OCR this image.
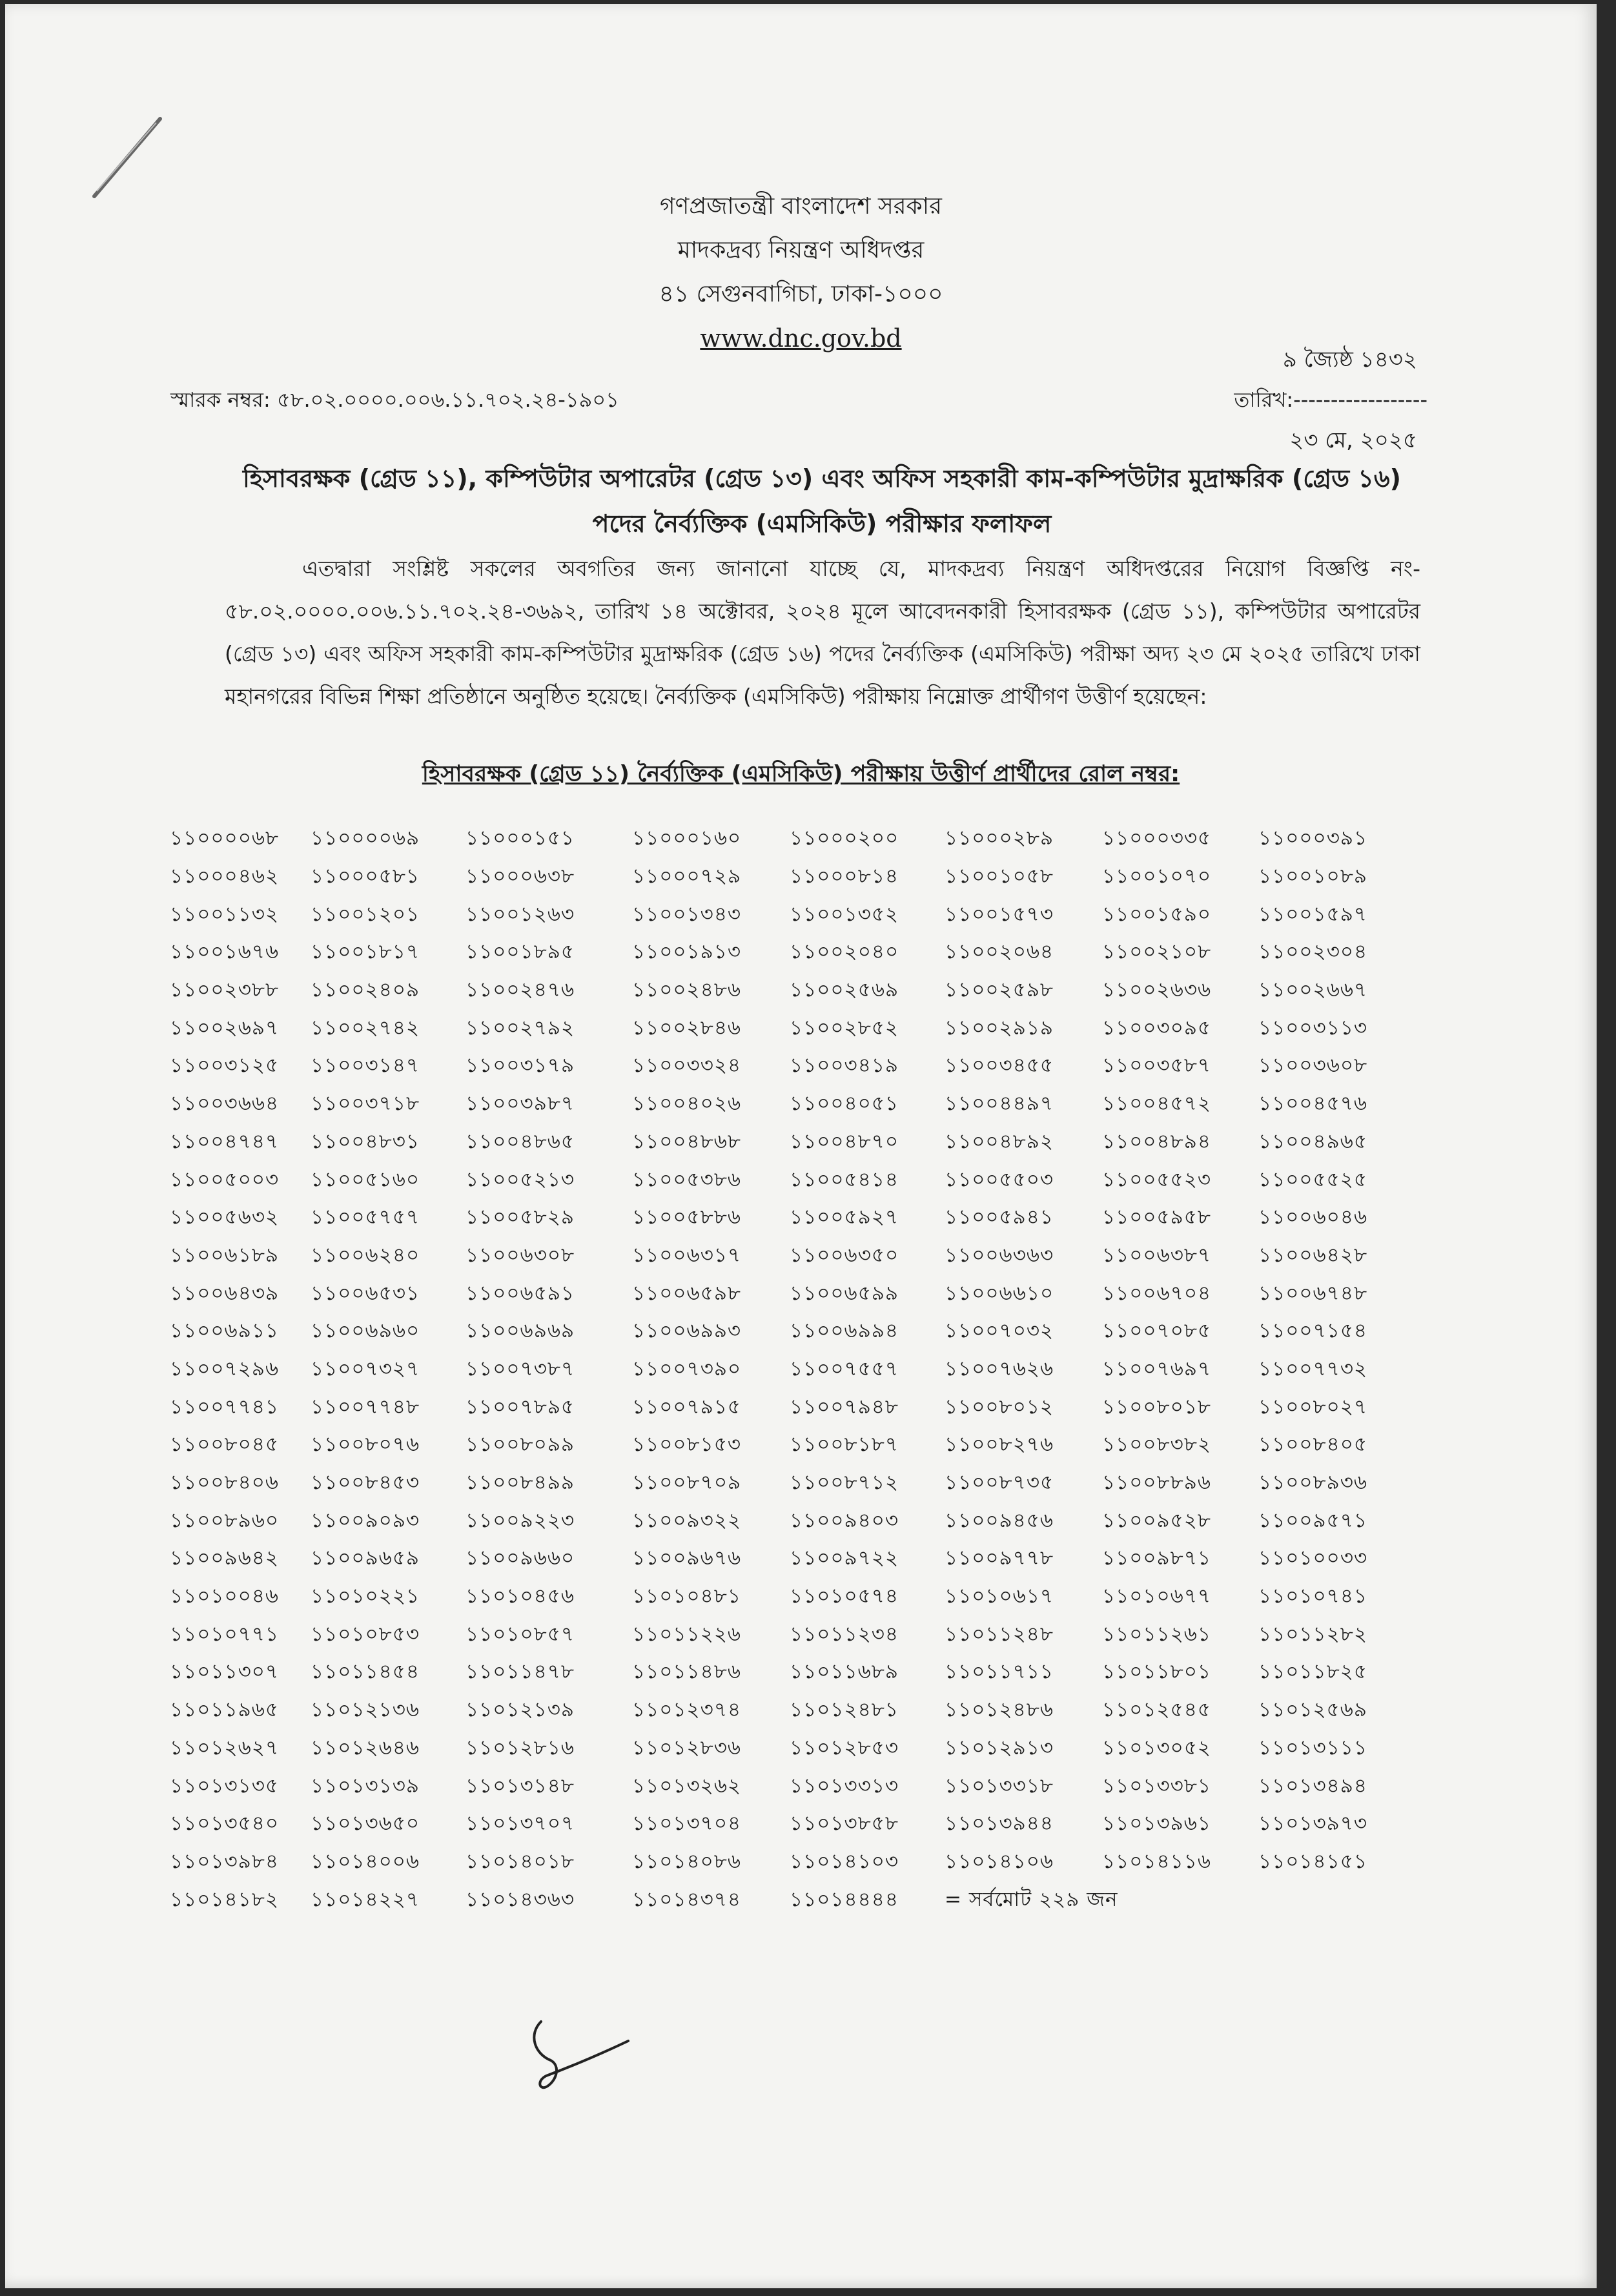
গণপ্রজাতন্ত্রী বাংলাদেশ সরকার
মাদকদ্রব্য নিয়ন্ত্রণ অধিদপ্তর
৪১ সেগুনবাগিচা, ঢাকা-১০০০
www.dnc.gov.bd
৯ জ্যৈষ্ঠ ১৪৩২
স্মারক নম্বর: ৫৮.০২.০০০০.০০৬.১১.৭০২.২৪-১৯০১	তারিখ:------------------
২৩ মে, ২০২৫
হিসাবরক্ষক (গ্রেড ১১), কম্পিউটার অপারেটর (গ্রেড ১৩) এবং অফিস সহকারী কাম-কম্পিউটার মুদ্রাক্ষরিক (গ্রেড ১৬) পদের নৈর্ব্যক্তিক (এমসিকিউ) পরীক্ষার ফলাফল
এতদ্বারা সংশ্লিষ্ট সকলের অবগতির জন্য জানানো যাচ্ছে যে, মাদকদ্রব্য নিয়ন্ত্রণ অধিদপ্তরের নিয়োগ বিজ্ঞপ্তি নং- ৫৮.০২.০০০০.০০৬.১১.৭০২.২৪-৩৬৯২, তারিখ ১৪ অক্টোবর, ২০২৪ মূলে আবেদনকারী হিসাবরক্ষক (গ্রেড ১১), কম্পিউটার অপারেটর (গ্রেড ১৩) এবং অফিস সহকারী কাম-কম্পিউটার মুদ্রাক্ষরিক (গ্রেড ১৬) পদের নৈর্ব্যক্তিক (এমসিকিউ) পরীক্ষা অদ্য ২৩ মে ২০২৫ তারিখে ঢাকা মহানগরের বিভিন্ন শিক্ষা প্রতিষ্ঠানে অনুষ্ঠিত হয়েছে। নৈর্ব্যক্তিক (এমসিকিউ) পরীক্ষায় নিম্নোক্ত প্রার্থীগণ উত্তীর্ণ হয়েছেন:
হিসাবরক্ষক (গ্রেড ১১) নৈর্ব্যক্তিক (এমসিকিউ) পরীক্ষায় উত্তীর্ণ প্রার্থীদের রোল নম্বর:
১১০০০০৬৮	১১০০০০৬৯	১১০০০১৫১	১১০০০১৬০	১১০০০২০০	১১০০০২৮৯	১১০০০৩৩৫	১১০০০৩৯১
১১০০০৪৬২	১১০০০৫৮১	১১০০০৬৩৮	১১০০০৭২৯	১১০০০৮১৪	১১০০১০৫৮	১১০০১০৭০	১১০০১০৮৯
১১০০১১৩২	১১০০১২০১	১১০০১২৬৩	১১০০১৩৪৩	১১০০১৩৫২	১১০০১৫৭৩	১১০০১৫৯০	১১০০১৫৯৭
১১০০১৬৭৬	১১০০১৮১৭	১১০০১৮৯৫	১১০০১৯১৩	১১০০২০৪০	১১০০২০৬৪	১১০০২১০৮	১১০০২৩০৪
১১০০২৩৮৮	১১০০২৪০৯	১১০০২৪৭৬	১১০০২৪৮৬	১১০০২৫৬৯	১১০০২৫৯৮	১১০০২৬৩৬	১১০০২৬৬৭
১১০০২৬৯৭	১১০০২৭৪২	১১০০২৭৯২	১১০০২৮৪৬	১১০০২৮৫২	১১০০২৯১৯	১১০০৩০৯৫	১১০০৩১১৩
১১০০৩১২৫	১১০০৩১৪৭	১১০০৩১৭৯	১১০০৩৩২৪	১১০০৩৪১৯	১১০০৩৪৫৫	১১০০৩৫৮৭	১১০০৩৬০৮
১১০০৩৬৬৪	১১০০৩৭১৮	১১০০৩৯৮৭	১১০০৪০২৬	১১০০৪০৫১	১১০০৪৪৯৭	১১০০৪৫৭২	১১০০৪৫৭৬
১১০০৪৭৪৭	১১০০৪৮৩১	১১০০৪৮৬৫	১১০০৪৮৬৮	১১০০৪৮৭০	১১০০৪৮৯২	১১০০৪৮৯৪	১১০০৪৯৬৫
১১০০৫০০৩	১১০০৫১৬০	১১০০৫২১৩	১১০০৫৩৮৬	১১০০৫৪১৪	১১০০৫৫০৩	১১০০৫৫২৩	১১০০৫৫২৫
১১০০৫৬৩২	১১০০৫৭৫৭	১১০০৫৮২৯	১১০০৫৮৮৬	১১০০৫৯২৭	১১০০৫৯৪১	১১০০৫৯৫৮	১১০০৬০৪৬
১১০০৬১৮৯	১১০০৬২৪০	১১০০৬৩০৮	১১০০৬৩১৭	১১০০৬৩৫০	১১০০৬৩৬৩	১১০০৬৩৮৭	১১০০৬৪২৮
১১০০৬৪৩৯	১১০০৬৫৩১	১১০০৬৫৯১	১১০০৬৫৯৮	১১০০৬৫৯৯	১১০০৬৬১০	১১০০৬৭০৪	১১০০৬৭৪৮
১১০০৬৯১১	১১০০৬৯৬০	১১০০৬৯৬৯	১১০০৬৯৯৩	১১০০৬৯৯৪	১১০০৭০৩২	১১০০৭০৮৫	১১০০৭১৫৪
১১০০৭২৯৬	১১০০৭৩২৭	১১০০৭৩৮৭	১১০০৭৩৯০	১১০০৭৫৫৭	১১০০৭৬২৬	১১০০৭৬৯৭	১১০০৭৭৩২
১১০০৭৭৪১	১১০০৭৭৪৮	১১০০৭৮৯৫	১১০০৭৯১৫	১১০০৭৯৪৮	১১০০৮০১২	১১০০৮০১৮	১১০০৮০২৭
১১০০৮০৪৫	১১০০৮০৭৬	১১০০৮০৯৯	১১০০৮১৫৩	১১০০৮১৮৭	১১০০৮২৭৬	১১০০৮৩৮২	১১০০৮৪০৫
১১০০৮৪০৬	১১০০৮৪৫৩	১১০০৮৪৯৯	১১০০৮৭০৯	১১০০৮৭১২	১১০০৮৭৩৫	১১০০৮৮৯৬	১১০০৮৯৩৬
১১০০৮৯৬০	১১০০৯০৯৩	১১০০৯২২৩	১১০০৯৩২২	১১০০৯৪০৩	১১০০৯৪৫৬	১১০০৯৫২৮	১১০০৯৫৭১
১১০০৯৬৪২	১১০০৯৬৫৯	১১০০৯৬৬০	১১০০৯৬৭৬	১১০০৯৭২২	১১০০৯৭৭৮	১১০০৯৮৭১	১১০১০০৩৩
১১০১০০৪৬	১১০১০২২১	১১০১০৪৫৬	১১০১০৪৮১	১১০১০৫৭৪	১১০১০৬১৭	১১০১০৬৭৭	১১০১০৭৪১
১১০১০৭৭১	১১০১০৮৫৩	১১০১০৮৫৭	১১০১১২২৬	১১০১১২৩৪	১১০১১২৪৮	১১০১১২৬১	১১০১১২৮২
১১০১১৩০৭	১১০১১৪৫৪	১১০১১৪৭৮	১১০১১৪৮৬	১১০১১৬৮৯	১১০১১৭১১	১১০১১৮০১	১১০১১৮২৫
১১০১১৯৬৫	১১০১২১৩৬	১১০১২১৩৯	১১০১২৩৭৪	১১০১২৪৮১	১১০১২৪৮৬	১১০১২৫৪৫	১১০১২৫৬৯
১১০১২৬২৭	১১০১২৬৪৬	১১০১২৮১৬	১১০১২৮৩৬	১১০১২৮৫৩	১১০১২৯১৩	১১০১৩০৫২	১১০১৩১১১
১১০১৩১৩৫	১১০১৩১৩৯	১১০১৩১৪৮	১১০১৩২৬২	১১০১৩৩১৩	১১০১৩৩১৮	১১০১৩৩৮১	১১০১৩৪৯৪
১১০১৩৫৪০	১১০১৩৬৫০	১১০১৩৭০৭	১১০১৩৭০৪	১১০১৩৮৫৮	১১০১৩৯৪৪	১১০১৩৯৬১	১১০১৩৯৭৩
১১০১৩৯৮৪	১১০১৪০০৬	১১০১৪০১৮	১১০১৪০৮৬	১১০১৪১০৩	১১০১৪১০৬	১১০১৪১১৬	১১০১৪১৫১
১১০১৪১৮২	১১০১৪২২৭	১১০১৪৩৬৩	১১০১৪৩৭৪	১১০১৪৪৪৪	= সর্বমোট ২২৯ জন
